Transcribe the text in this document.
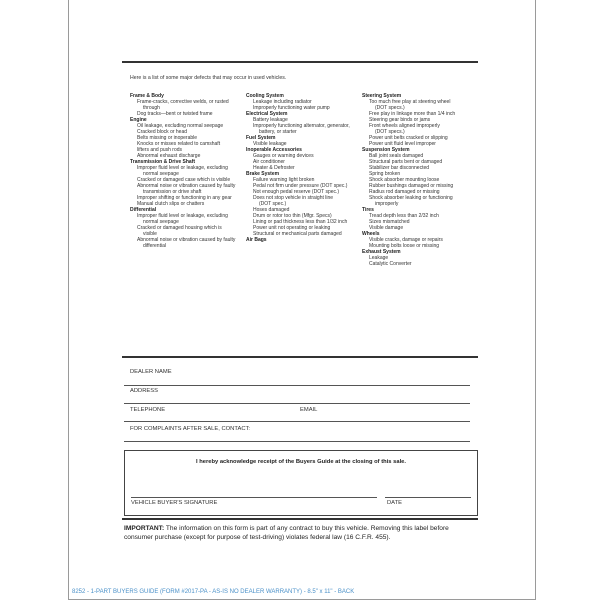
Here is a list of some major defects that may occur in used vehicles.
Frame & Body
Frame-cracks, corrective welds, or rusted
through
Dog tracks—bent or twisted frame
Engine
Oil leakage, excluding normal seepage
Cracked block or head
Belts missing or inoperable
Knocks or misses related to camshaft
lifters and push rods
Abnormal exhaust discharge
Transmission & Drive Shaft
Improper fluid level or leakage, excluding
normal seepage
Cracked or damaged case which is visible
Abnormal noise or vibration caused by faulty
transmission or drive shaft
Improper shifting or functioning in any gear
Manual clutch slips or chatters
Differential
Improper fluid level or leakage, excluding
normal seepage
Cracked or damaged housing which is
visible
Abnormal noise or vibration caused by faulty
differential
Cooling System
Leakage including radiator
Improperly functioning water pump
Electrical System
Battery leakage
Improperly functioning alternator, generator,
battery, or starter
Fuel System
Visible leakage
Inoperable Accessories
Gauges or warning devices
Air conditioner
Heater & Defroster
Brake System
Failure warning light broken
Pedal not firm under pressure (DOT spec.)
Not enough pedal reserve (DOT spec.)
Does not stop vehicle in straight line
(DOT spec.)
Hoses damaged
Drum or rotor too thin (Mfgr. Specs)
Lining or pad thickness less than 1/32 inch
Power unit not operating or leaking
Structural or mechanical parts damaged
Air Bags
Steering System
Too much free play at steering wheel
(DOT specs.)
Free play in linkage more than 1/4 inch
Steering gear binds or jams
Front wheels aligned improperly
(DOT specs.)
Power unit belts cracked or slipping
Power unit fluid level improper
Suspension System
Ball joint seals damaged
Structural parts bent or damaged
Stabilizer bar disconnected
Spring broken
Shock absorber mounting loose
Rubber bushings damaged or missing
Radius rod damaged or missing
Shock absorber leaking or functioning
improperly
Tires
Tread depth less than 2/32 inch
Sizes mismatched
Visible damage
Wheels
Visible cracks, damage or repairs
Mounting bolts loose or missing
Exhaust System
Leakage
Catalytic Converter
DEALER NAME
ADDRESS
TELEPHONE	EMAIL
FOR COMPLAINTS AFTER SALE, CONTACT:
I hereby acknowledge receipt of the Buyers Guide at the closing of this sale.
VEHICLE BUYER'S SIGNATURE	DATE
IMPORTANT: The information on this form is part of any contract to buy this vehicle. Removing this label before consumer purchase (except for purpose of test-driving) violates federal law (16 C.F.R. 455).
8252 - 1-PART BUYERS GUIDE (FORM #2017-PA - AS-IS NO DEALER WARRANTY) - 8.5" x 11" - BACK
